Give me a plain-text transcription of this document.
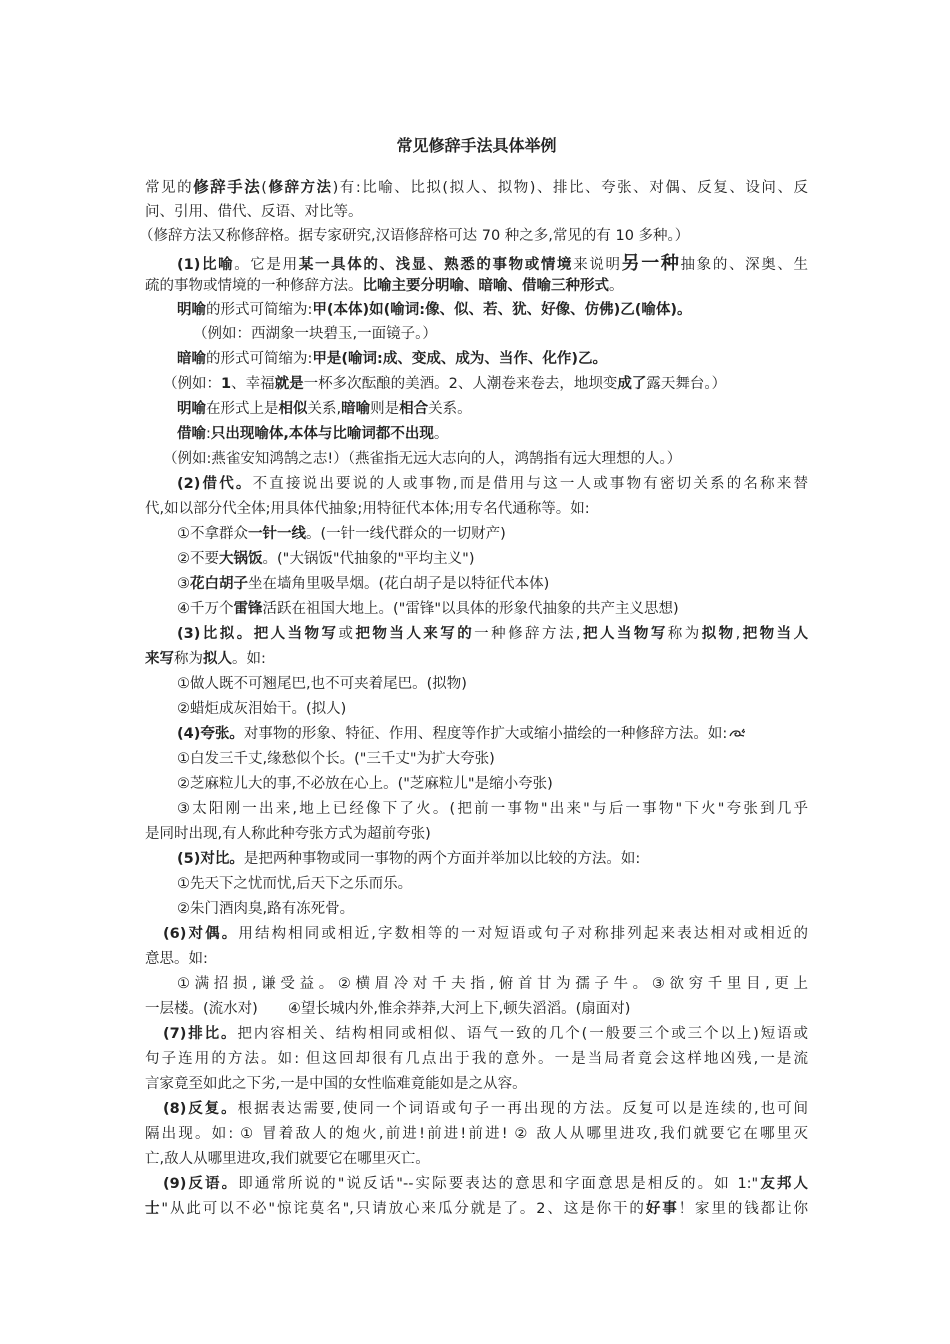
常见修辞手法具体举例
常见的修辞手法(修辞方法)有:比喻、比拟(拟人、拟物)、排比、夸张、对偶、反复、设问、反
问、引用、借代、反语、对比等。
（修辞方法又称修辞格。据专家研究,汉语修辞格可达 70 种之多,常见的有 10 多种。）
(1)比喻。它是用某一具体的、浅显、熟悉的事物或情境来说明另一种抽象的、深奥、生
疏的事物或情境的一种修辞方法。比喻主要分明喻、暗喻、借喻三种形式。
明喻的形式可简缩为:甲(本体)如(喻词:像、似、若、犹、好像、仿佛)乙(喻体)。
（例如：西湖象一块碧玉,一面镜子。）
暗喻的形式可简缩为:甲是(喻词:成、变成、成为、当作、化作)乙。
（例如：1、幸福就是一杯多次酝酿的美酒。2、人潮卷来卷去，地坝变成了露天舞台。）
明喻在形式上是相似关系,暗喻则是相合关系。
借喻:只出现喻体,本体与比喻词都不出现。
（例如:燕雀安知鸿鹄之志!）（燕雀指无远大志向的人，鸿鹄指有远大理想的人。）
(2)借代。不直接说出要说的人或事物,而是借用与这一人或事物有密切关系的名称来替
代,如以部分代全体;用具体代抽象;用特征代本体;用专名代通称等。如:
①不拿群众一针一线。(一针一线代群众的一切财产)
②不要大锅饭。("大锅饭"代抽象的"平均主义")
③花白胡子坐在墙角里吸旱烟。(花白胡子是以特征代本体)
④千万个雷锋活跃在祖国大地上。("雷锋"以具体的形象代抽象的共产主义思想)
(3)比拟。把人当物写或把物当人来写的一种修辞方法,把人当物写称为拟物,把物当人
来写称为拟人。如:
①做人既不可翘尾巴,也不可夹着尾巴。(拟物)
②蜡炬成灰泪始干。(拟人)
(4)夸张。对事物的形象、特征、作用、程度等作扩大或缩小描绘的一种修辞方法。如:
①白发三千丈,缘愁似个长。("三千丈"为扩大夸张)
②芝麻粒儿大的事,不必放在心上。("芝麻粒儿"是缩小夸张)
③太阳刚一出来,地上已经像下了火。(把前一事物"出来"与后一事物"下火"夸张到几乎
是同时出现,有人称此种夸张方式为超前夸张)
(5)对比。是把两种事物或同一事物的两个方面并举加以比较的方法。如:
①先天下之忧而忧,后天下之乐而乐。
②朱门酒肉臭,路有冻死骨。
(6)对偶。用结构相同或相近,字数相等的一对短语或句子对称排列起来表达相对或相近的
意思。如:
①满招损,谦受益。②横眉冷对千夫指,俯首甘为孺子牛。③欲穷千里目,更上
一层楼。(流水对) ④望长城内外,惟余莽莽,大河上下,顿失滔滔。(扇面对)
(7)排比。把内容相关、结构相同或相似、语气一致的几个(一般要三个或三个以上)短语或
句子连用的方法。如: 但这回却很有几点出于我的意外。一是当局者竟会这样地凶残,一是流
言家竟至如此之下劣,一是中国的女性临难竟能如是之从容。
(8)反复。根据表达需要,使同一个词语或句子一再出现的方法。反复可以是连续的,也可间
隔出现。如: ① 冒着敌人的炮火,前进!前进!前进! ② 敌人从哪里进攻,我们就要它在哪里灭
亡,敌人从哪里进攻,我们就要它在哪里灭亡。
(9)反语。即通常所说的"说反话"--实际要表达的意思和字面意思是相反的。如 1:"友邦人
士"从此可以不必"惊诧莫名",只请放心来瓜分就是了。2、这是你干的好事！家里的钱都让你
